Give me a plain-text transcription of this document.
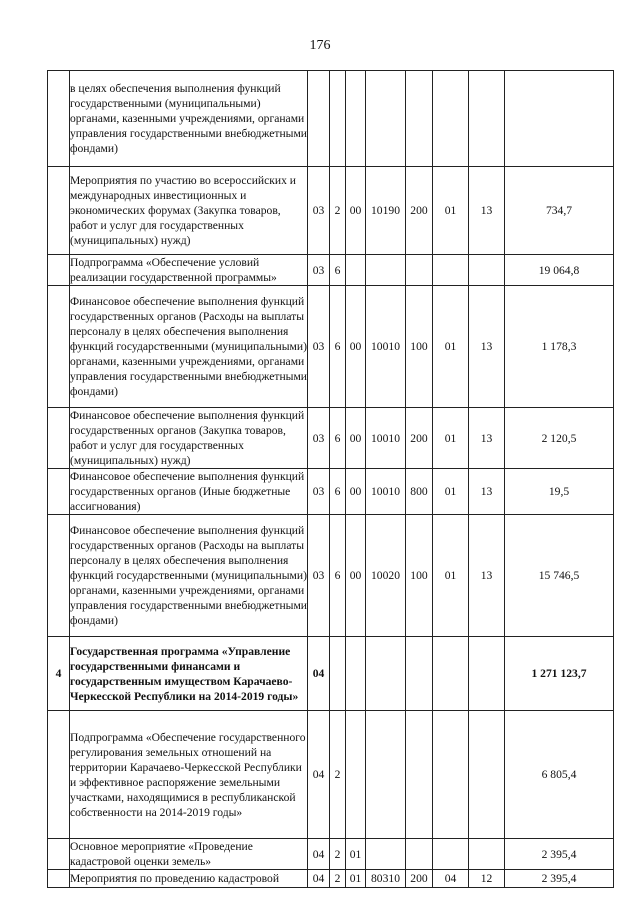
176
	в целях обеспечения выполнения функций государственными (муниципальными) органами, казенными учреждениями, органами управления государственными внебюджетными фондами)								
	Мероприятия по участию во всероссийских и международных инвестиционных и экономических форумах (Закупка товаров, работ и услуг для государственных (муниципальных) нужд)	03	2	00	10190	200	01	13	734,7
	Подпрограмма «Обеспечение условий реализации государственной программы»	03	6						19 064,8
	Финансовое обеспечение выполнения функций государственных органов (Расходы на выплаты персоналу в целях обеспечения выполнения функций государственными (муниципальными) органами, казенными учреждениями, органами управления государственными внебюджетными фондами)	03	6	00	10010	100	01	13	1 178,3
	Финансовое обеспечение выполнения функций государственных органов (Закупка товаров, работ и услуг для государственных (муниципальных) нужд)	03	6	00	10010	200	01	13	2 120,5
	Финансовое обеспечение выполнения функций государственных органов (Иные бюджетные ассигнования)	03	6	00	10010	800	01	13	19,5
	Финансовое обеспечение выполнения функций государственных органов (Расходы на выплаты персоналу в целях обеспечения выполнения функций государственными (муниципальными) органами, казенными учреждениями, органами управления государственными внебюджетными фондами)	03	6	00	10020	100	01	13	15 746,5
4	Государственная программа «Управление государственными финансами и государственным имуществом Карачаево-Черкесской Республики на 2014-2019 годы»	04							1 271 123,7
	Подпрограмма «Обеспечение государственного регулирования земельных отношений на территории Карачаево-Черкесской Республики и эффективное распоряжение земельными участками, находящимися в республиканской собственности на 2014-2019 годы»	04	2						6 805,4
	Основное мероприятие «Проведение кадастровой оценки земель»	04	2	01					2 395,4
	Мероприятия по проведению кадастровой	04	2	01	80310	200	04	12	2 395,4
